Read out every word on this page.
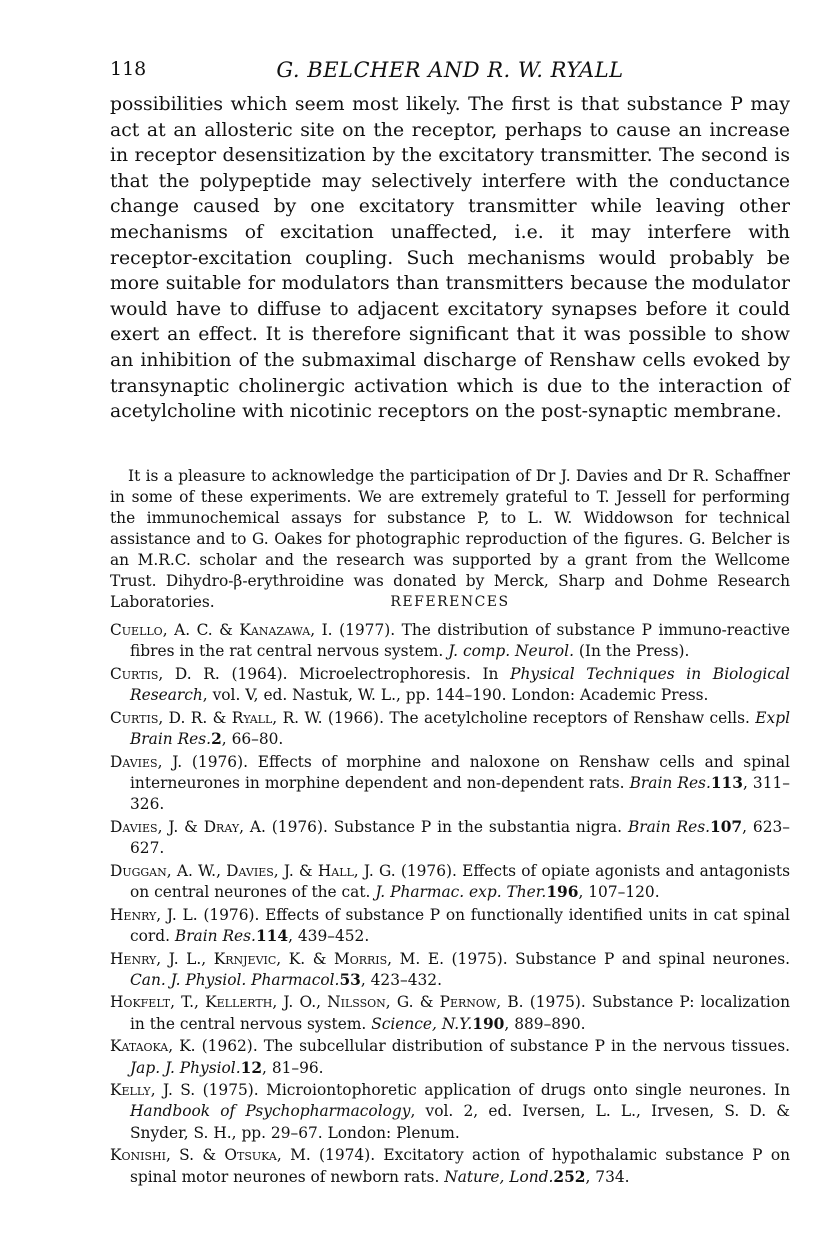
118	G. BELCHER AND R. W. RYALL

possibilities which seem most likely. The first is that substance P may act at an allosteric site on the receptor, perhaps to cause an increase in receptor desensitization by the excitatory transmitter. The second is that the polypeptide may selectively interfere with the conductance change caused by one excitatory transmitter while leaving other mechanisms of excitation unaffected, i.e. it may interfere with receptor-excitation coupling. Such mechanisms would probably be more suitable for modulators than transmitters because the modulator would have to diffuse to adjacent excitatory synapses before it could exert an effect. It is therefore significant that it was possible to show an inhibition of the submaximal discharge of Renshaw cells evoked by transynaptic cholinergic activation which is due to the interaction of acetylcholine with nicotinic receptors on the post-synaptic membrane.

It is a pleasure to acknowledge the participation of Dr J. Davies and Dr R. Schaffner in some of these experiments. We are extremely grateful to T. Jessell for performing the immunochemical assays for substance P, to L. W. Widdowson for technical assistance and to G. Oakes for photographic reproduction of the figures. G. Belcher is an M.R.C. scholar and the research was supported by a grant from the Wellcome Trust. Dihydro-β-erythroidine was donated by Merck, Sharp and Dohme Research Laboratories.	REFERENCES
Cuello, A. C. & Kanazawa, I. (1977). The distribution of substance P immuno-reactive fibres in the rat central nervous system. J. comp. Neurol. (In the Press).
Curtis, D. R. (1964). Microelectrophoresis. In Physical Techniques in Biological Research, vol. V, ed. Nastuk, W. L., pp. 144–190. London: Academic Press.
Curtis, D. R. & Ryall, R. W. (1966). The acetylcholine receptors of Renshaw cells. Expl Brain Res.2, 66–80.
Davies, J. (1976). Effects of morphine and naloxone on Renshaw cells and spinal interneurones in morphine dependent and non-dependent rats. Brain Res.113, 311–326.
Davies, J. & Dray, A. (1976). Substance P in the substantia nigra. Brain Res.107, 623–627.
Duggan, A. W., Davies, J. & Hall, J. G. (1976). Effects of opiate agonists and antagonists on central neurones of the cat. J. Pharmac. exp. Ther.196, 107–120.
Henry, J. L. (1976). Effects of substance P on functionally identified units in cat spinal cord. Brain Res.114, 439–452.
Henry, J. L., Krnjevic, K. & Morris, M. E. (1975). Substance P and spinal neurones. Can. J. Physiol. Pharmacol.53, 423–432.
Hokfelt, T., Kellerth, J. O., Nilsson, G. & Pernow, B. (1975). Substance P: localization in the central nervous system. Science, N.Y.190, 889–890.
Kataoka, K. (1962). The subcellular distribution of substance P in the nervous tissues. Jap. J. Physiol.12, 81–96.
Kelly, J. S. (1975). Microiontophoretic application of drugs onto single neurones. In Handbook of Psychopharmacology, vol. 2, ed. Iversen, L. L., Irvesen, S. D. & Snyder, S. H., pp. 29–67. London: Plenum.
Konishi, S. & Otsuka, M. (1974). Excitatory action of hypothalamic substance P on spinal motor neurones of newborn rats. Nature, Lond.252, 734.
